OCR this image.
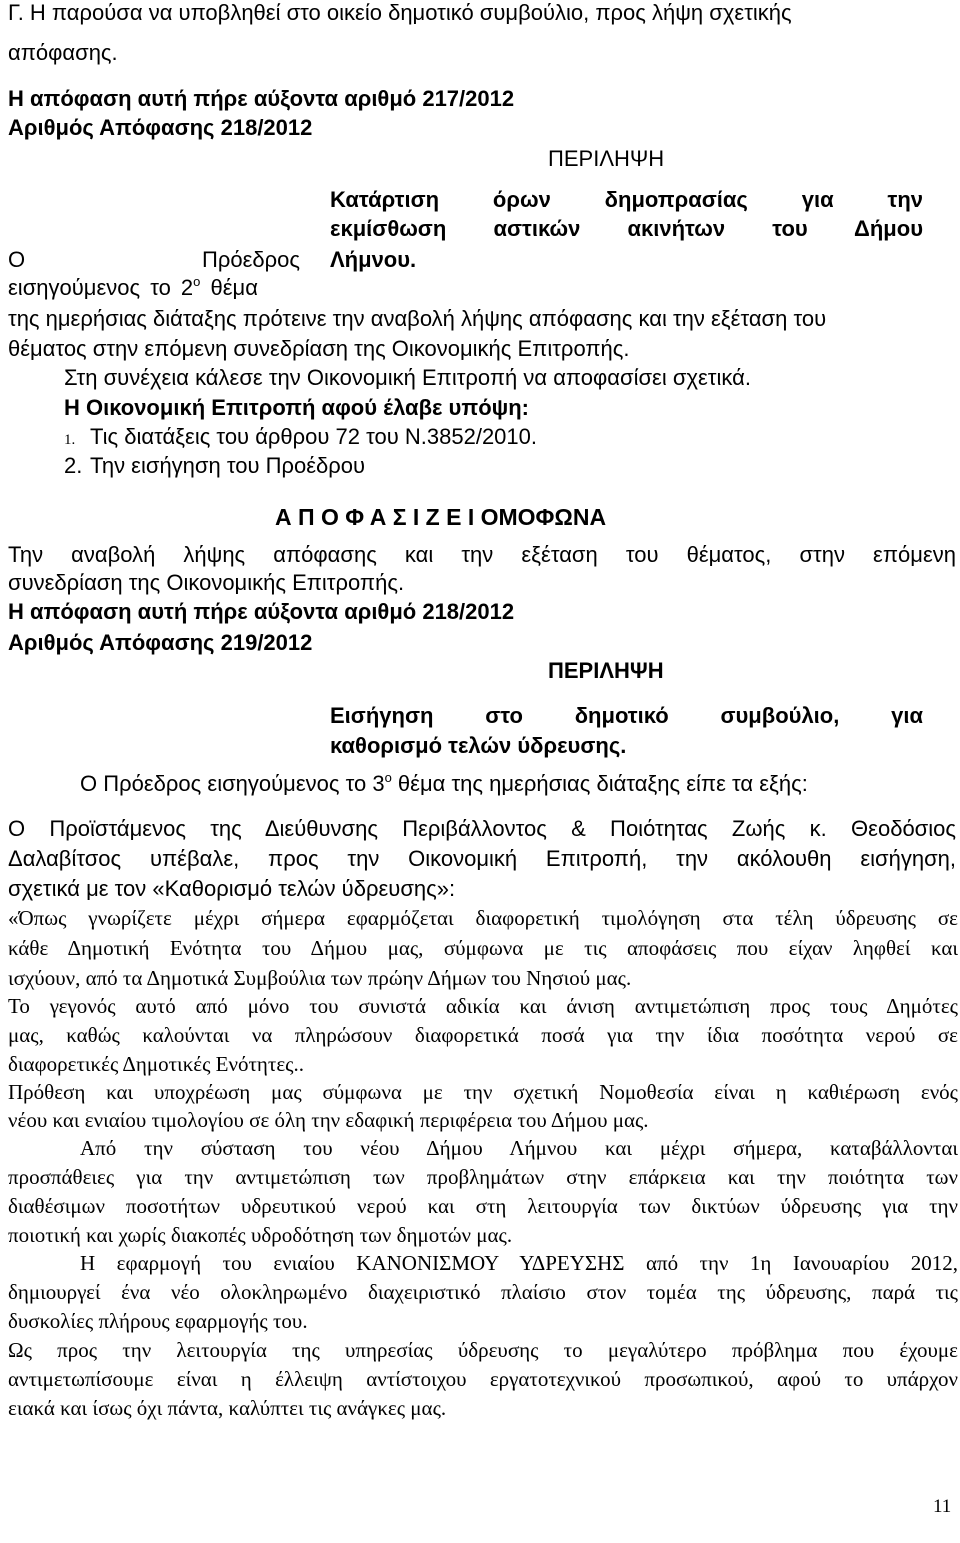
Γ. Η παρούσα να υποβληθεί στο οικείο δημοτικό συμβούλιο, προς λήψη σχετικής
απόφασης.
Η απόφαση αυτή πήρε αύξοντα αριθμό 217/2012
Αριθμός Απόφασης 218/2012
ΠΕΡΙΛΗΨΗ
Κατάρτιση όρων δημοπρασίας για την
εκμίσθωση αστικών ακινήτων του Δήμου
Λήμνου.
Ο Πρόεδρος
εισηγούμενος το $2^o$ θέμα
της ημερήσιας διάταξης πρότεινε την αναβολή λήψης απόφασης και την εξέταση του
θέματος στην επόμενη συνεδρίαση της Οικονομικής Επιτροπής.
Στη συνέχεια κάλεσε την Οικονομική Επιτροπή να αποφασίσει σχετικά.
Η Οικονομική Επιτροπή αφού έλαβε υπόψη:
1. Τις διατάξεις του άρθρου 72 του Ν.3852/2010.
2. Την εισήγηση του Προέδρου
Α Π Ο Φ Α Σ Ι Ζ Ε Ι ΟΜΟΦΩΝΑ
Την αναβολή λήψης απόφασης και την εξέταση του θέματος, στην επόμενη
συνεδρίαση της Οικονομικής Επιτροπής.
Η απόφαση αυτή πήρε αύξοντα αριθμό 218/2012
Αριθμός Απόφασης 219/2012
ΠΕΡΙΛΗΨΗ
Εισήγηση στο δημοτικό συμβούλιο, για
καθορισμό τελών ύδρευσης.
Ο Πρόεδρος εισηγούμενος το $3^o$ θέμα της ημερήσιας διάταξης είπε τα εξής:
Ο Προϊστάμενος της Διεύθυνσης Περιβάλλοντος & Ποιότητας Ζωής κ. Θεοδόσιος
Δαλαβίτσος υπέβαλε, προς την Οικονομική Επιτροπή, την ακόλουθη εισήγηση,
σχετικά με τον «Καθορισμό τελών ύδρευσης»:
«Όπως γνωρίζετε μέχρι σήμερα εφαρμόζεται διαφορετική τιμολόγηση στα τέλη ύδρευσης σε
κάθε Δημοτική Ενότητα του Δήμου μας, σύμφωνα με τις αποφάσεις που είχαν ληφθεί και
ισχύουν, από τα Δημοτικά Συμβούλια των πρώην Δήμων του Νησιού μας.
Το γεγονός αυτό από μόνο του συνιστά αδικία και άνιση αντιμετώπιση προς τους Δημότες
μας, καθώς καλούνται να πληρώσουν διαφορετικά ποσά για την ίδια ποσότητα νερού σε
διαφορετικές Δημοτικές Ενότητες..
Πρόθεση και υποχρέωση μας σύμφωνα με την σχετική Νομοθεσία είναι η καθιέρωση ενός
νέου και ενιαίου τιμολογίου σε όλη την εδαφική περιφέρεια του Δήμου μας.
Από την σύσταση του νέου Δήμου Λήμνου και μέχρι σήμερα, καταβάλλονται
προσπάθειες για την αντιμετώπιση των προβλημάτων στην επάρκεια και την ποιότητα των
διαθέσιμων ποσοτήτων υδρευτικού νερού και στη λειτουργία των δικτύων ύδρευσης για την
ποιοτική και χωρίς διακοπές υδροδότηση των δημοτών μας.
Η εφαρμογή του ενιαίου ΚΑΝΟΝΙΣΜΟΥ ΥΔΡΕΥΣΗΣ από την 1η Ιανουαρίου 2012,
δημιουργεί ένα νέο ολοκληρωμένο διαχειριστικό πλαίσιο στον τομέα της ύδρευσης, παρά τις
δυσκολίες πλήρους εφαρμογής του.
Ως προς την λειτουργία της υπηρεσίας ύδρευσης το μεγαλύτερο πρόβλημα που έχουμε
αντιμετωπίσουμε είναι η έλλειψη αντίστοιχου εργατοτεχνικού προσωπικού, αφού το υπάρχον
ειακά και ίσως όχι πάντα, καλύπτει τις ανάγκες μας.
11
